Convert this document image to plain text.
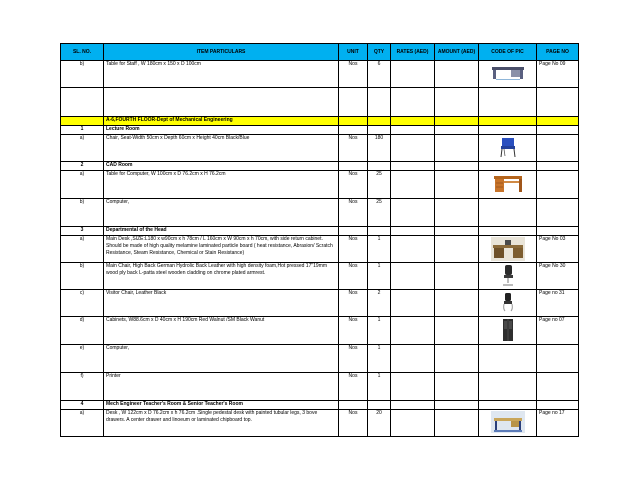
SL. NO.	ITEM PARTICULARS	UNIT	QTY	RATES (AED)	AMOUNT (AED)	CODE OF PIC	PAGE NO
b)	Table for Staff , W 180cm x 150 x D 100cm	Nos	6				Page No 09

	A-6,FOURTH FLOOR-Dept of Mechanical Engineering						
1	Lecture Room						
a)	Chair, Seat-Width 50cm x Depth 60cm x Height 40cm Black/Blue	Nos	180			

2	CAD Room						
a)	Table for Computer, W 100cm x D 76.2cm x H 76.2cm	Nos	25			

b)	Computer,	Nos	25				
3	Departmental of the Head						
a)	Main Desk ,SIZE:L180 x w90cm x h 78cm / L 160cm x W 90cm x h 70cm, with side return cabinet. Should be made of high quality melamine laminated particle board ( heat resistance, Abrasion/ Scratch Resistance, Steam Resistance, Chemical or Stain Resistance)	Nos	1				Page No 03
b)	Main Chair, High Back German Hydrolic Back Leather with high density foam,Hot pressed 17"19mm wood ply back L-patta steel wooden cladding on chrome plated armrest.	Nos	1				Page No 30
c)	Visitor Chair, Leather Black	Nos	2				Page no 31
d)	Cabinets, W88.6cm x D 40cm x H 190cm Red Walnut /SM Black Wanut	Nos	1				Page no 07
e)	Computer,	Nos	1				
f)	Printer	Nos	1				
4	Mech Engineer Teacher's Room & Senior Teacher's Room						
a)	Desk , W 122cm x D 76.2cm x h 76.2cm .Single pedestal desk with painted tubular legs, 3 bove drawers. A center drawer and linoeum or laminated chipboard top.	Nos	20				Page no 17
